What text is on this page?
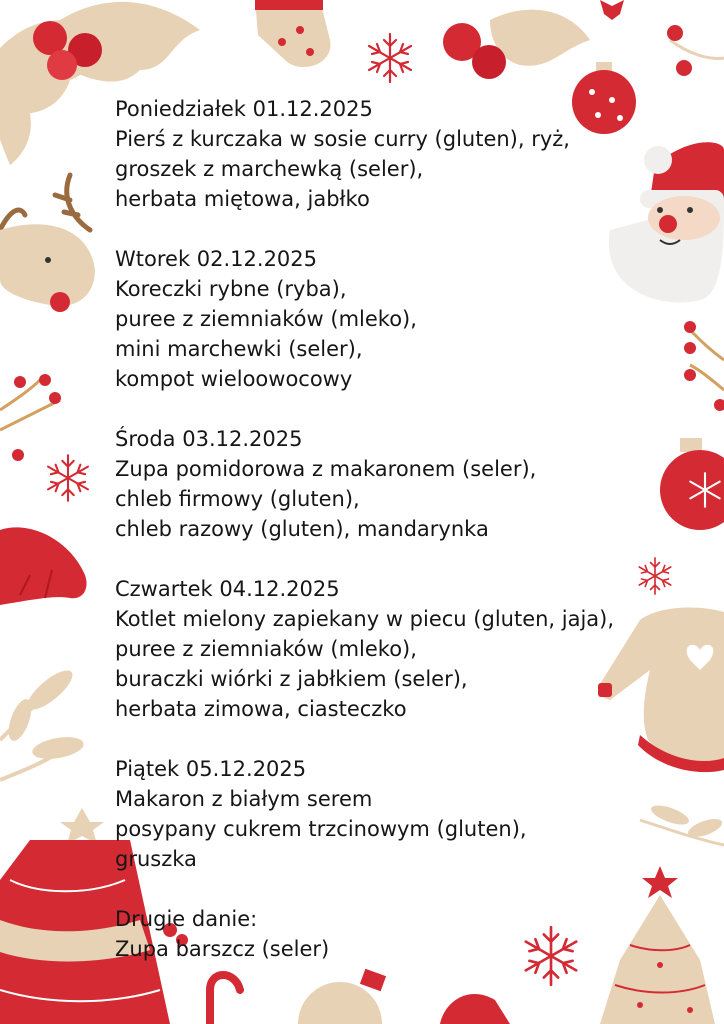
Poniedziałek 01.12.2025
Pierś z kurczaka w sosie curry (gluten), ryż,
groszek z marchewką (seler),
herbata miętowa, jabłko
Wtorek 02.12.2025
Koreczki rybne (ryba),
puree z ziemniaków (mleko),
mini marchewki (seler),
kompot wieloowocowy
Środa 03.12.2025
Zupa pomidorowa z makaronem (seler),
chleb firmowy (gluten),
chleb razowy (gluten), mandarynka
Czwartek 04.12.2025
Kotlet mielony zapiekany w piecu (gluten, jaja),
puree z ziemniaków (mleko),
buraczki wiórki z jabłkiem (seler),
herbata zimowa, ciasteczko
Piątek 05.12.2025
Makaron z białym serem
posypany cukrem trzcinowym (gluten),
gruszka
Drugie danie:
Zupa barszcz (seler)
